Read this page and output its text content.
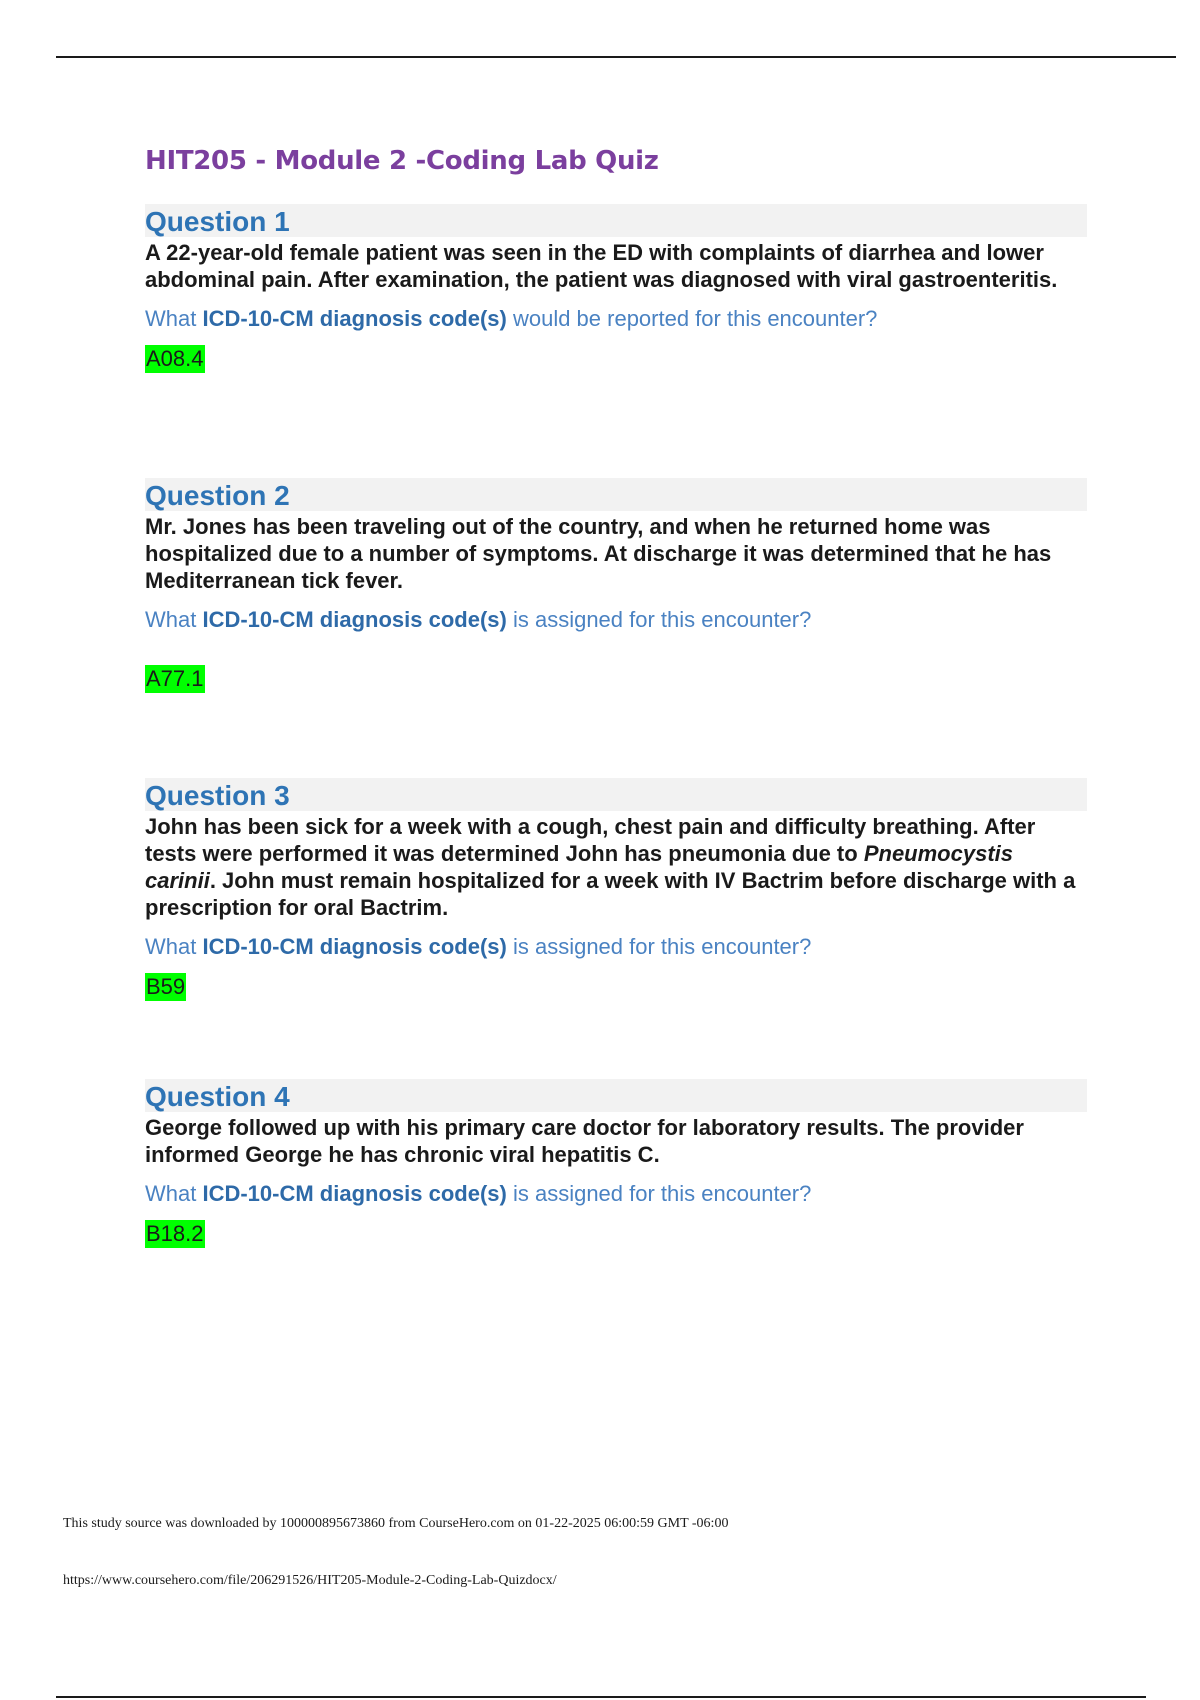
HIT205 - Module 2 -Coding Lab Quiz
Question 1

A 22-year-old female patient was seen in the ED with complaints of diarrhea and lower abdominal pain. After examination, the patient was diagnosed with viral gastroenteritis.

What ICD-10-CM diagnosis code(s) would be reported for this encounter?

A08.4
Question 2

Mr. Jones has been traveling out of the country, and when he returned home was hospitalized due to a number of symptoms. At discharge it was determined that he has Mediterranean tick fever.

What ICD-10-CM diagnosis code(s) is assigned for this encounter?

A77.1
Question 3

John has been sick for a week with a cough, chest pain and difficulty breathing. After tests were performed it was determined John has pneumonia due to Pneumocystis carinii. John must remain hospitalized for a week with IV Bactrim before discharge with a prescription for oral Bactrim.

What ICD-10-CM diagnosis code(s) is assigned for this encounter?

B59
Question 4

George followed up with his primary care doctor for laboratory results. The provider informed George he has chronic viral hepatitis C.

What ICD-10-CM diagnosis code(s) is assigned for this encounter?

B18.2
This study source was downloaded by 100000895673860 from CourseHero.com on 01-22-2025 06:00:59 GMT -06:00
https://www.coursehero.com/file/206291526/HIT205-Module-2-Coding-Lab-Quizdocx/
